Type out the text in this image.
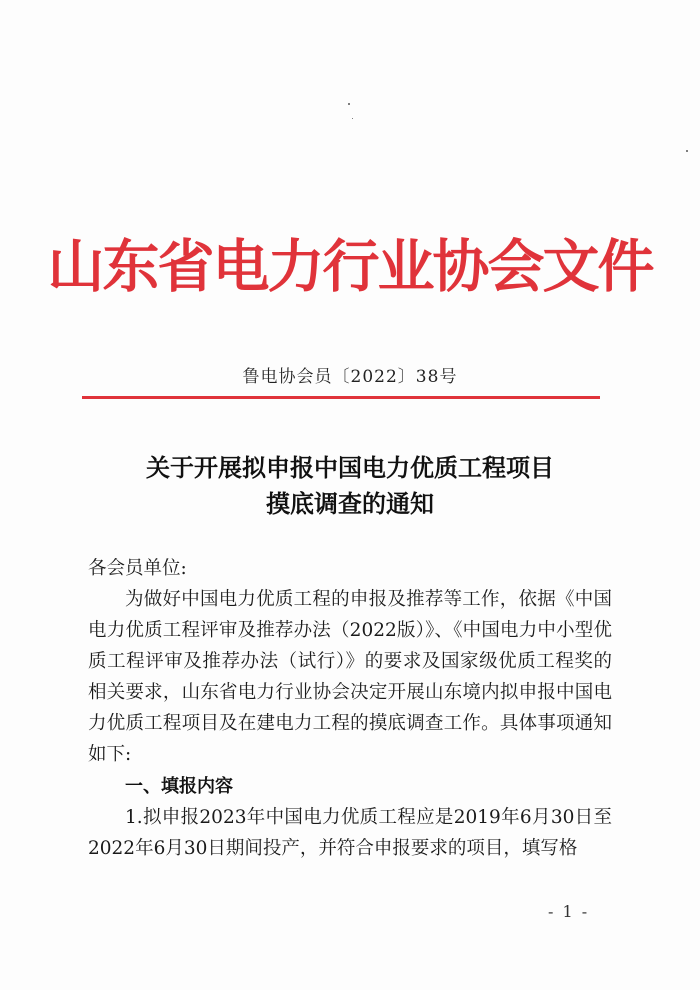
山东省电力行业协会文件
鲁电协会员〔2022〕38号
关于开展拟申报中国电力优质工程项目
摸底调查的通知
各会员单位:
为做好中国电力优质工程的申报及推荐等工作，依据《中国电力优质工程评审及推荐办法（2022版）》、《中国电力中小型优质工程评审及推荐办法（试行）》的要求及国家级优质工程奖的相关要求，山东省电力行业协会决定开展山东境内拟申报中国电力优质工程项目及在建电力工程的摸底调查工作。具体事项通知如下:
一、填报内容
1.拟申报2023年中国电力优质工程应是2019年6月30日至2022年6月30日期间投产，并符合申报要求的项目，填写格
- 1 -
